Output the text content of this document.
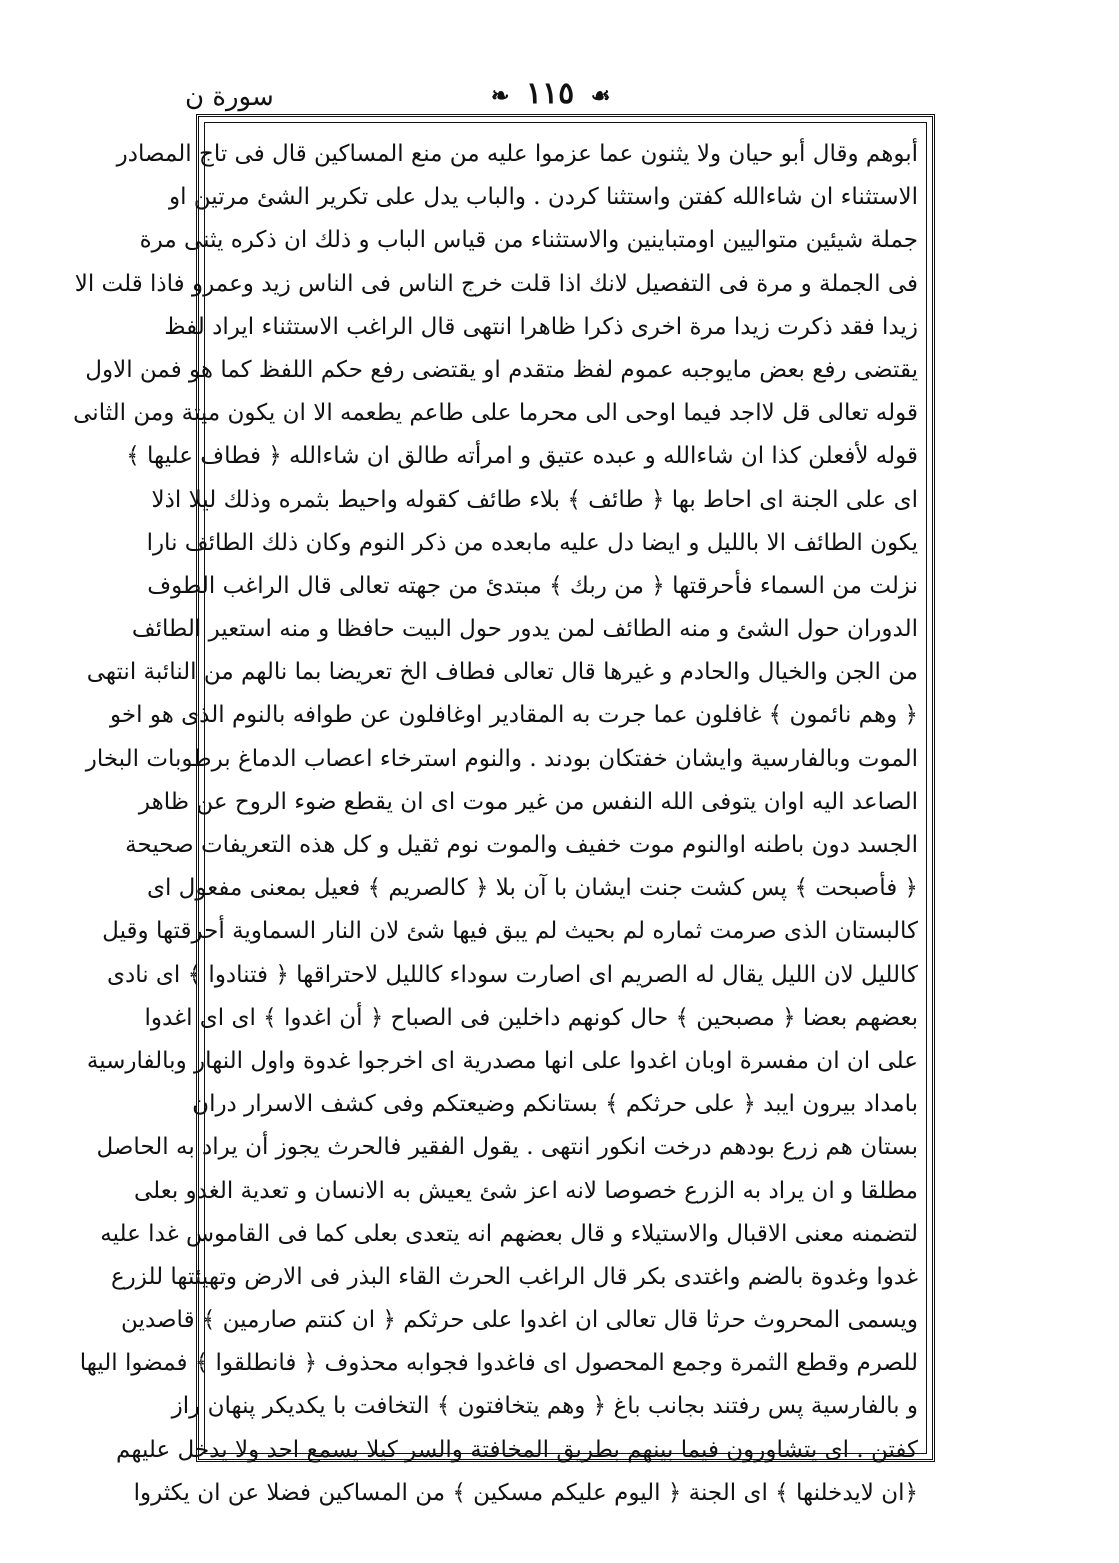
سورة ن	☙ ١١٥ ❧
أبوهم وقال أبو حيان ولا يثنون عما عزموا عليه من منع المساكين قال فى تاج المصادر
الاستثناء ان شاءالله كفتن واستثنا كردن . والباب يدل على تكرير الشئ مرتين او
جملة شيئين متواليين اومتباينين والاستثناء من قياس الباب و ذلك ان ذكره يثنى مرة
فى الجملة و مرة فى التفصيل لانك اذا قلت خرج الناس فى الناس زيد وعمرو فاذا قلت الا
زيدا فقد ذكرت زيدا مرة اخرى ذكرا ظاهرا انتهى قال الراغب الاستثناء ايراد لفظ
يقتضى رفع بعض مايوجبه عموم لفظ متقدم او يقتضى رفع حكم اللفظ كما هو فمن الاول
قوله تعالى قل لااجد فيما اوحى الى محرما على طاعم يطعمه الا ان يكون ميتة ومن الثانى
قوله لأفعلن كذا ان شاءالله و عبده عتيق و امرأته طالق ان شاءالله ﴿ فطاف عليها ﴾
اى على الجنة اى احاط بها ﴿ طائف ﴾ بلاء طائف كقوله واحيط بثمره وذلك ليلا اذلا
يكون الطائف الا بالليل و ايضا دل عليه مابعده من ذكر النوم وكان ذلك الطائف نارا
نزلت من السماء فأحرقتها ﴿ من ربك ﴾ مبتدئ من جهته تعالى قال الراغب الطوف
الدوران حول الشئ و منه الطائف لمن يدور حول البيت حافظا و منه استعير الطائف
من الجن والخيال والحادم و غيرها قال تعالى فطاف الخ تعريضا بما نالهم من النائبة انتهى
﴿ وهم نائمون ﴾ غافلون عما جرت به المقادير اوغافلون عن طوافه بالنوم الذى هو اخو
الموت وبالفارسية وايشان خفتكان بودند . والنوم استرخاء اعصاب الدماغ برطوبات البخار
الصاعد اليه اوان يتوفى الله النفس من غير موت اى ان يقطع ضوء الروح عن ظاهر
الجسد دون باطنه اوالنوم موت خفيف والموت نوم ثقيل و كل هذه التعريفات صحيحة
﴿ فأصبحت ﴾ پس كشت جنت ايشان با آن بلا ﴿ كالصريم ﴾ فعيل بمعنى مفعول اى
كالبستان الذى صرمت ثماره لم بحيث لم يبق فيها شئ لان النار السماوية أحرقتها وقيل
كالليل لان الليل يقال له الصريم اى اصارت سوداء كالليل لاحتراقها ﴿ فتنادوا ﴾ اى نادى
بعضهم بعضا ﴿ مصبحين ﴾ حال كونهم داخلين فى الصباح ﴿ أن اغدوا ﴾ اى اى اغدوا
على ان ان مفسرة اوبان اغدوا على انها مصدرية اى اخرجوا غدوة واول النهار وبالفارسية
بامداد بيرون ايبد ﴿ على حرثكم ﴾ بستانكم وضيعتكم وفى كشف الاسرار دران
بستان هم زرع بودهم درخت انكور انتهى . يقول الفقير فالحرث يجوز أن يراد به الحاصل
مطلقا و ان يراد به الزرع خصوصا لانه اعز شئ يعيش به الانسان و تعدية الغدو بعلى
لتضمنه معنى الاقبال والاستيلاء و قال بعضهم انه يتعدى بعلى كما فى القاموس غدا عليه
غدوا وغدوة بالضم واغتدى بكر قال الراغب الحرث القاء البذر فى الارض وتهيئتها للزرع
ويسمى المحروث حرثا قال تعالى ان اغدوا على حرثكم ﴿ ان كنتم صارمين ﴾ قاصدين
للصرم وقطع الثمرة وجمع المحصول اى فاغدوا فجوابه محذوف ﴿ فانطلقوا ﴾ فمضوا اليها
و بالفارسية پس رفتند بجانب باغ ﴿ وهم يتخافتون ﴾ التخافت با يكديكر پنهان راز
كفتن . اى يتشاورون فيما بينهم بطريق المخافتة والسر كيلا يسمع احد ولا يدخل عليهم
﴿ان لايدخلنها ﴾ اى الجنة ﴿ اليوم عليكم مسكين ﴾ من المساكين فضلا عن ان يكثروا
